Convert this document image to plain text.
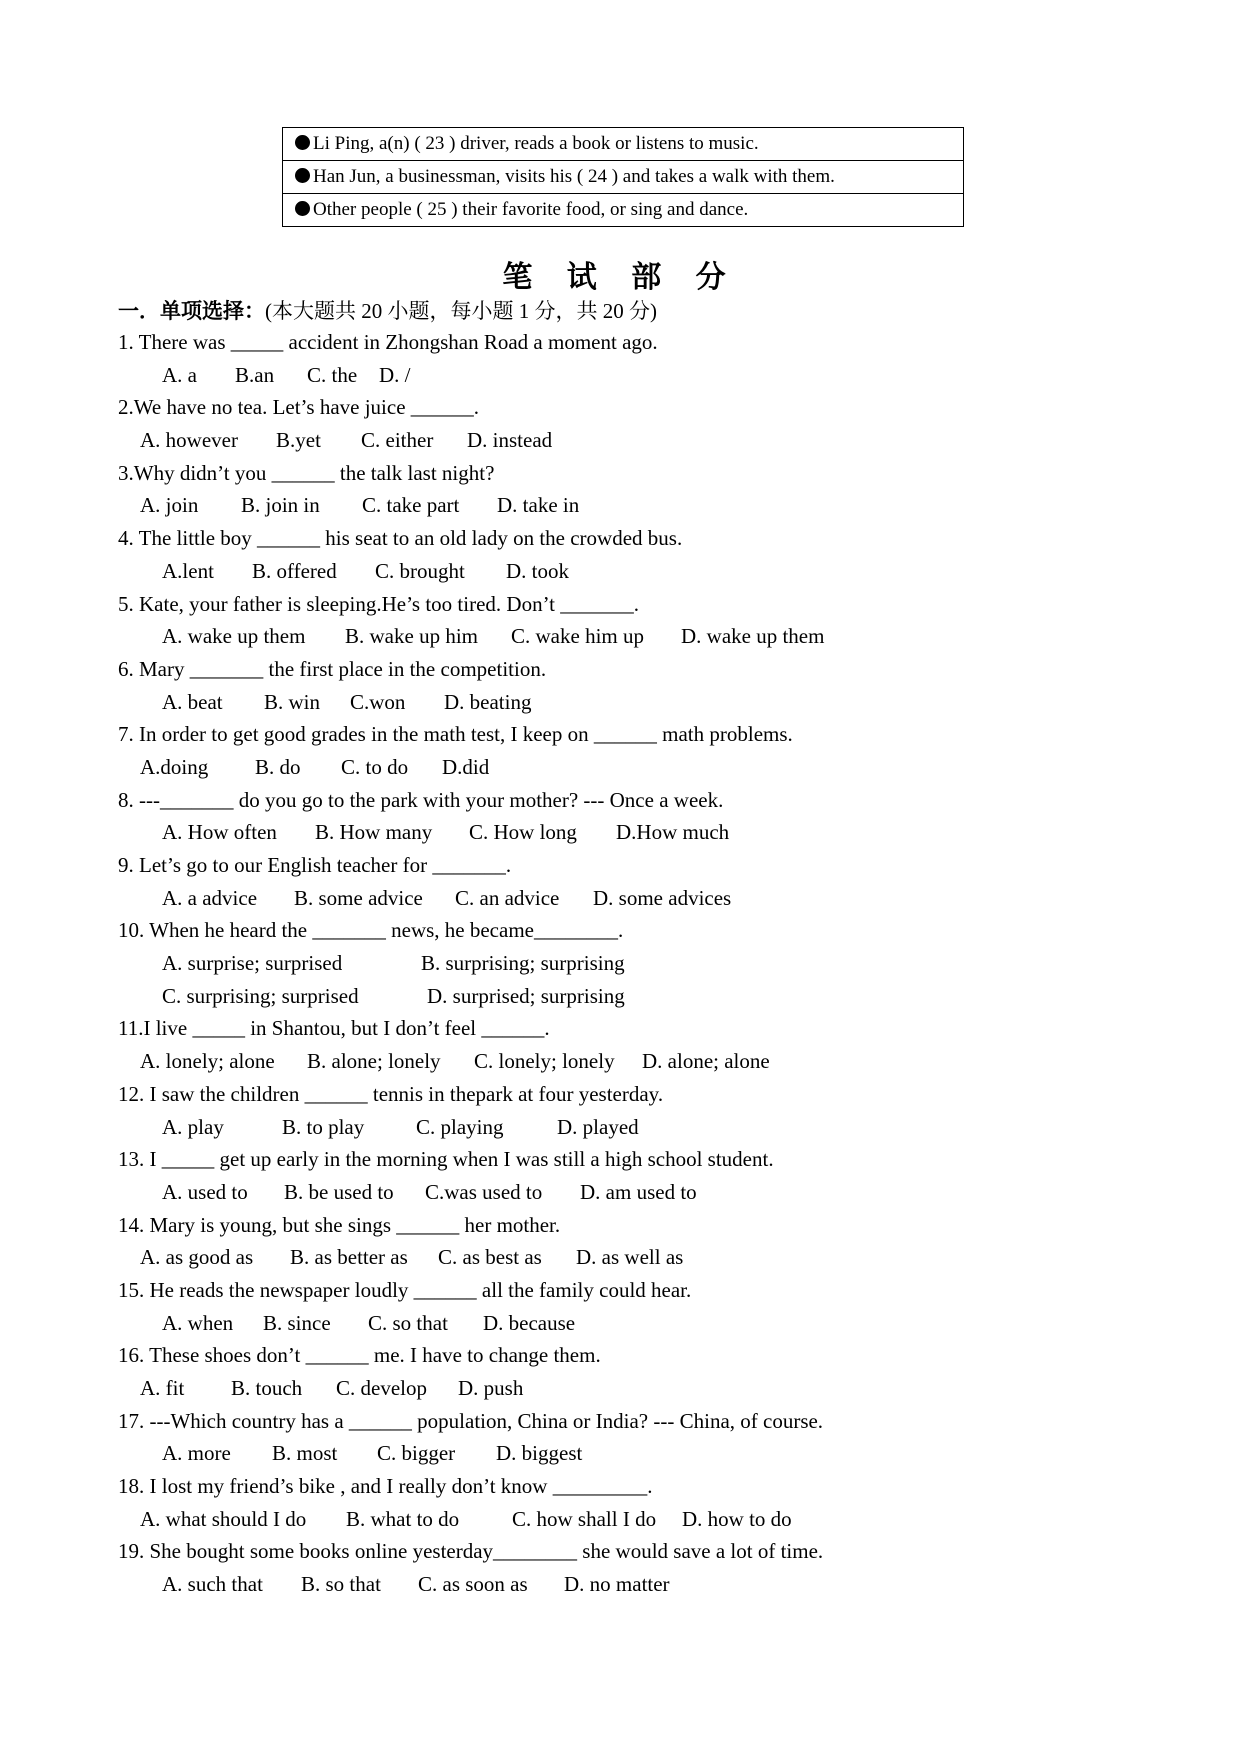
Li Ping, a(n) ( 23 ) driver, reads a book or listens to music.
Han Jun, a businessman, visits his ( 24 ) and takes a walk with them.
Other people ( 25 ) their favorite food, or sing and dance.
笔 试 部 分
一．单项选择：(本大题共 20 小题，每小题 1 分，共 20 分)
1. There was _____ accident in Zhongshan Road a moment ago.
A. a B.an C. the D. /
2.We have no tea. Let’s have juice ______.
A. however B.yet C. either D. instead
3.Why didn’t you ______ the talk last night?
A. join B. join in C. take part D. take in
4. The little boy ______ his seat to an old lady on the crowded bus.
A.lent B. offered C. brought D. took
5. Kate, your father is sleeping.He’s too tired. Don’t _______.
A. wake up them B. wake up him C. wake him up D. wake up them
6. Mary _______ the first place in the competition.
A. beat B. win C.won D. beating
7. In order to get good grades in the math test, I keep on ______ math problems.
A.doing B. do C. to do D.did
8. ---_______ do you go to the park with your mother? --- Once a week.
A. How often B. How many C. How long D.How much
9. Let’s go to our English teacher for _______.
A. a advice B. some advice C. an advice D. some advices
10. When he heard the _______ news, he became________.
A. surprise; surprised	B. surprising; surprising
C. surprising; surprised	D. surprised; surprising
11.I live _____ in Shantou, but I don’t feel ______.
A. lonely; alone B. alone; lonely C. lonely; lonely D. alone; alone
12. I saw the children ______ tennis in thepark at four yesterday.
A. play	B. to play C. playing	D. played
13. I _____ get up early in the morning when I was still a high school student.
A. used to B. be used to C.was used to D. am used to
14. Mary is young, but she sings ______ her mother.
A. as good as B. as better as C. as best as D. as well as
15. He reads the newspaper loudly ______ all the family could hear.
A. when B. since C. so that D. because
16. These shoes don’t ______ me. I have to change them.
A. fit B. touch C. develop D. push
17. ---Which country has a ______ population, China or India? --- China, of course.
A. more B. most C. bigger D. biggest
18. I lost my friend’s bike , and I really don’t know _________.
A. what should I do B. what to do	C. how shall I do D. how to do
19. She bought some books online yesterday________ she would save a lot of time.
A. such that B. so that C. as soon as D. no matter
